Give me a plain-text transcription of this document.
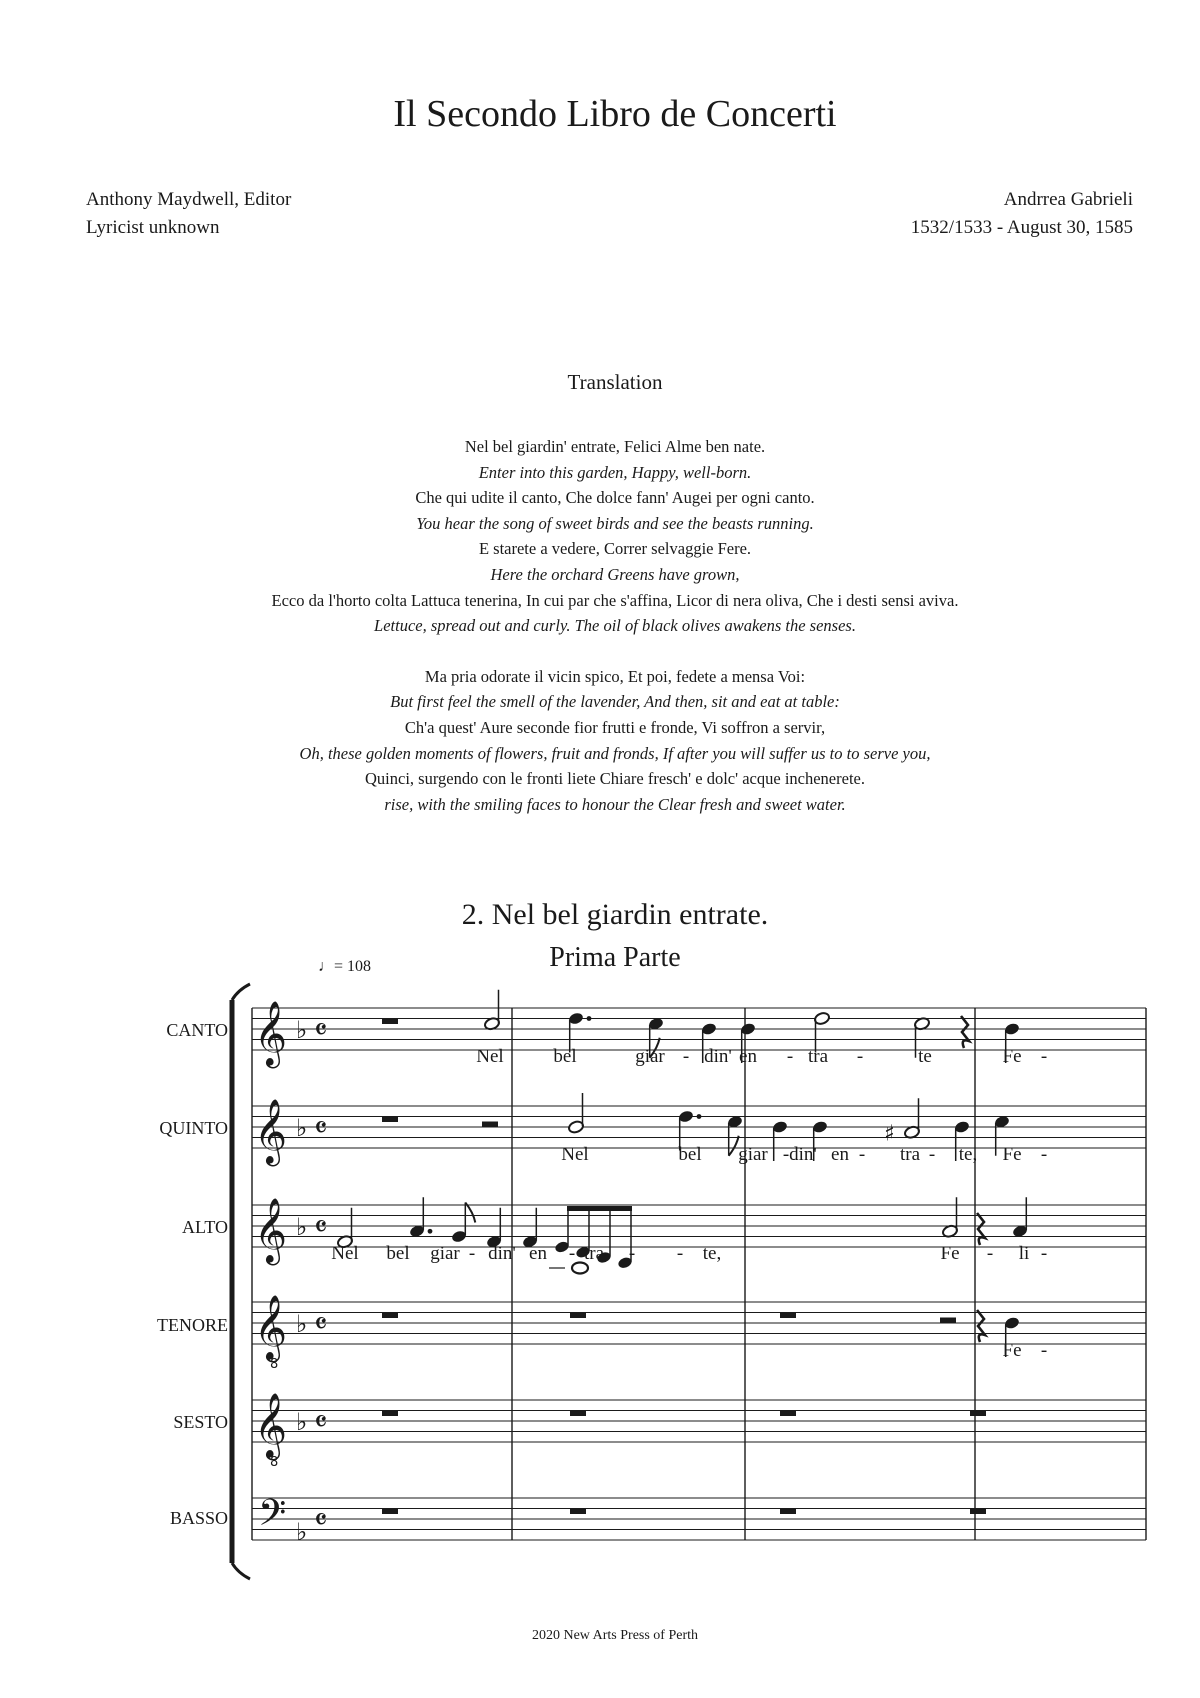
Il Secondo Libro de Concerti
Anthony Maydwell, Editor
Lyricist unknown
Andrrea Gabrieli
1532/1533 - August 30, 1585
Translation
Nel bel giardin' entrate, Felici Alme ben nate.
Enter into this garden, Happy, well-born.
Che qui udite il canto, Che dolce fann' Augei per ogni canto.
You hear the song of sweet birds and see the beasts running.
E starete a vedere, Correr selvaggie Fere.
Here the orchard Greens have grown,
Ecco da l'horto colta Lattuca tenerina, In cui par che s'affina, Licor di nera oliva, Che i desti sensi aviva.
Lettuce, spread out and curly. The oil of black olives awakens the senses.
Ma pria odorate il vicin spico, Et poi, fedete a mensa Voi:
But first feel the smell of the lavender, And then, sit and eat at table:
Ch'a quest' Aure seconde fior frutti e fronde, Vi soffron a servir,
Oh, these golden moments of flowers, fruit and fronds, If after you will suffer us to to serve you,
Quinci, surgendo con le fronti liete Chiare fresch' e dolc' acque inchenerete.
rise, with the smiling faces to honour the Clear fresh and sweet water.
2. Nel bel giardin entrate.
Prima Parte
♩= 108
CANTO
QUINTO
ALTO
TENORE
SESTO
BASSO
𝄞 ♭ 𝄴
𝄞 ♭ 𝄴
𝄞 ♭ 𝄴
𝄞
8
♭ 𝄴
𝄞
8
♭ 𝄴
𝄢 ♭ 𝄴
Nel	bel	giar - din' en - tra -	te	Fe -
♯
Nel	bel giar - din' en - tra - te, Fe -
Nel bel giar - din' en - tra - - te,	Fe - li -
Fe -
2020 New Arts Press of Perth
